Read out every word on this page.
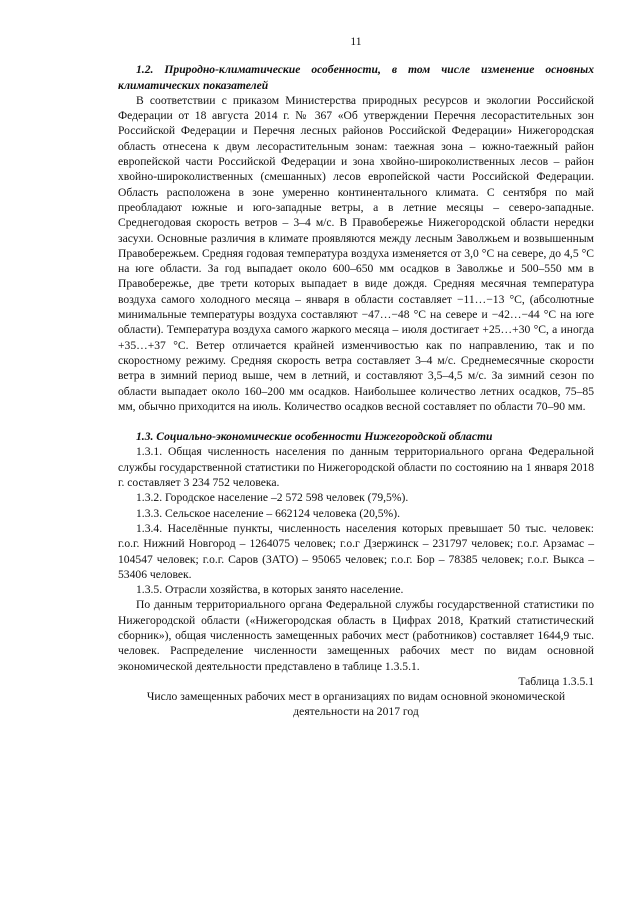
11
1.2. Природно-климатические особенности, в том числе изменение основных климатических показателей

В соответствии с приказом Министерства природных ресурсов и экологии Российской Федерации от 18 августа 2014 г. № 367 «Об утверждении Перечня лесорастительных зон Российской Федерации и Перечня лесных районов Российской Федерации» Нижегородская область отнесена к двум лесорастительным зонам: таежная зона – южно-таежный район европейской части Российской Федерации и зона хвойно-широколиственных лесов – район хвойно-широколиственных (смешанных) лесов европейской части Российской Федерации. Область расположена в зоне умеренно континентального климата. С сентября по май преобладают южные и юго-западные ветры, а в летние месяцы – северо-западные. Среднегодовая скорость ветров – 3–4 м/с. В Правобережье Нижегородской области нередки засухи. Основные различия в климате проявляются между лесным Заволжьем и возвышенным Правобережьем. Средняя годовая температура воздуха изменяется от 3,0 °С на севере, до 4,5 °С на юге области. За год выпадает около 600–650 мм осадков в Заволжье и 500–550 мм в Правобережье, две трети которых выпадает в виде дождя. Средняя месячная температура воздуха самого холодного месяца – января в области составляет −11…−13 °С, (абсолютные минимальные температуры воздуха составляют −47…−48 °С на севере и −42…−44 °С на юге области). Температура воздуха самого жаркого месяца – июля достигает +25…+30 °С, а иногда +35…+37 °С. Ветер отличается крайней изменчивостью как по направлению, так и по скоростному режиму. Средняя скорость ветра составляет 3–4 м/с. Среднемесячные скорости ветра в зимний период выше, чем в летний, и составляют 3,5–4,5 м/с. За зимний сезон по области выпадает около 160–200 мм осадков. Наибольшее количество летних осадков, 75–85 мм, обычно приходится на июль. Количество осадков весной составляет по области 70–90 мм.

1.3. Социально-экономические особенности Нижегородской области

1.3.1. Общая численность населения по данным территориального органа Федеральной службы государственной статистики по Нижегородской области по состоянию на 1 января 2018 г. составляет 3 234 752 человека.

1.3.2. Городское население –2 572 598 человек (79,5%).

1.3.3. Сельское население – 662124 человека (20,5%).

1.3.4. Населённые пункты, численность населения которых превышает 50 тыс. человек: г.о.г. Нижний Новгород – 1264075 человек; г.о.г Дзержинск – 231797 человек; г.о.г. Арзамас – 104547 человек; г.о.г. Саров (ЗАТО) – 95065 человек; г.о.г. Бор – 78385 человек; г.о.г. Выкса – 53406 человек.

1.3.5. Отрасли хозяйства, в которых занято население.

По данным территориального органа Федеральной службы государственной статистики по Нижегородской области («Нижегородская область в Цифрах 2018, Краткий статистический сборник»), общая численность замещенных рабочих мест (работников) составляет 1644,9 тыс. человек. Распределение численности замещенных рабочих мест по видам основной экономической деятельности представлено в таблице 1.3.5.1.

Таблица 1.3.5.1

Число замещенных рабочих мест в организациях по видам основной экономической деятельности на 2017 год
